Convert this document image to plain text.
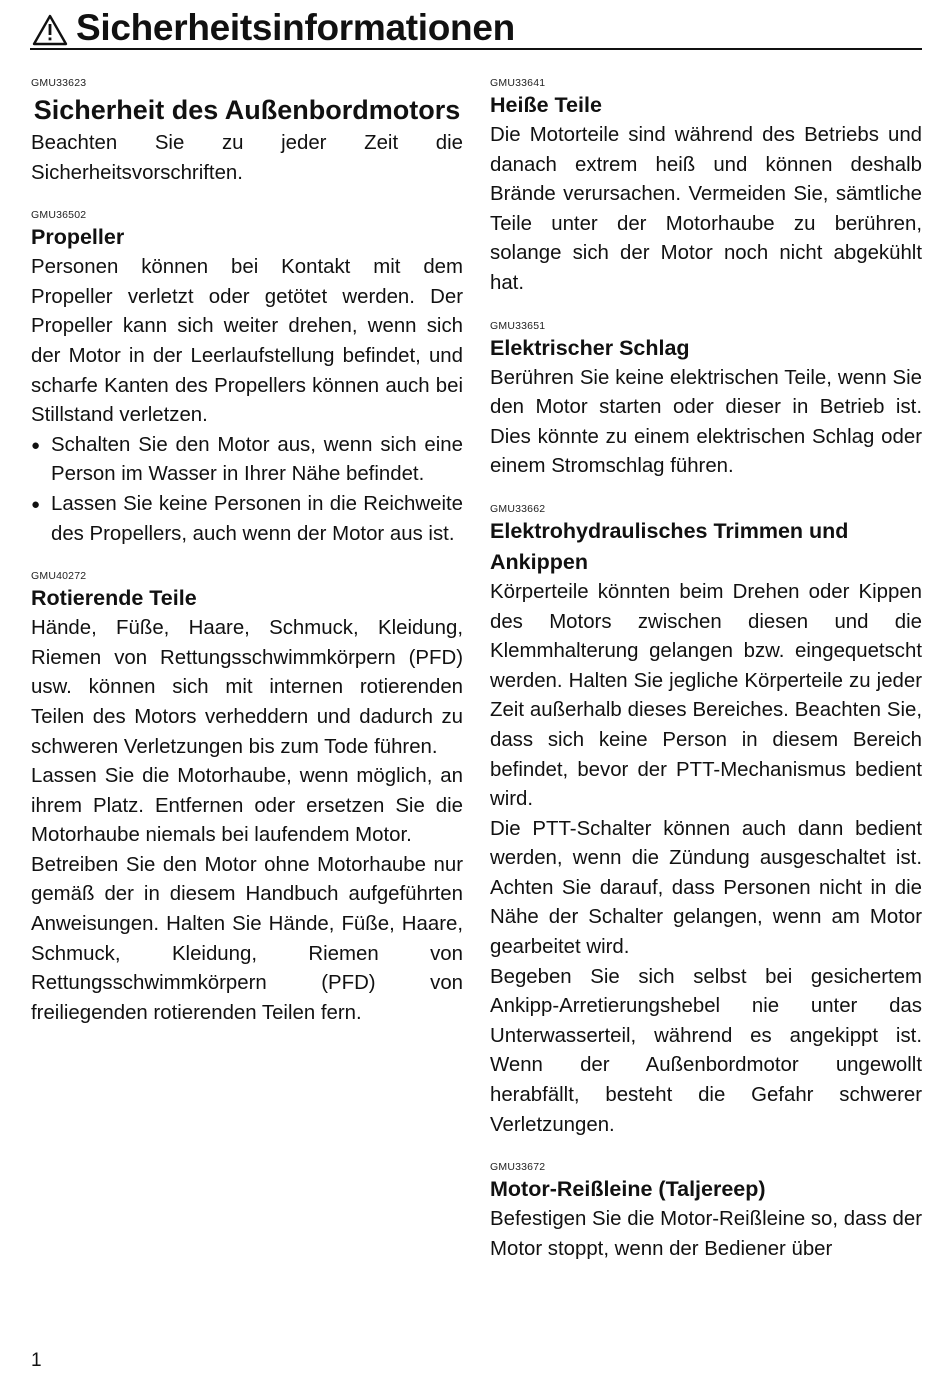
Sicherheitsinformationen
GMU33623
Sicherheit des Außenbordmotors

Beachten Sie zu jeder Zeit die Sicherheitsvorschriften.

GMU36502
Propeller

Personen können bei Kontakt mit dem Propeller verletzt oder getötet werden. Der Propeller kann sich weiter drehen, wenn sich der Motor in der Leerlaufstellung befindet, und scharfe Kanten des Propellers können auch bei Stillstand verletzen.

● Schalten Sie den Motor aus, wenn sich eine Person im Wasser in Ihrer Nähe befindet.
● Lassen Sie keine Personen in die Reichweite des Propellers, auch wenn der Motor aus ist.
GMU40272
Rotierende Teile

Hände, Füße, Haare, Schmuck, Kleidung, Riemen von Rettungsschwimmkörpern (PFD) usw. können sich mit internen rotierenden Teilen des Motors verheddern und dadurch zu schweren Verletzungen bis zum Tode führen.

Lassen Sie die Motorhaube, wenn möglich, an ihrem Platz. Entfernen oder ersetzen Sie die Motorhaube niemals bei laufendem Motor.

Betreiben Sie den Motor ohne Motorhaube nur gemäß der in diesem Handbuch aufgeführten Anweisungen. Halten Sie Hände, Füße, Haare, Schmuck, Kleidung, Riemen von Rettungsschwimmkörpern (PFD) von freiliegenden rotierenden Teilen fern.

GMU33641
Heiße Teile

Die Motorteile sind während des Betriebs und danach extrem heiß und können deshalb Brände verursachen. Vermeiden Sie, sämtliche Teile unter der Motorhaube zu berühren, solange sich der Motor noch nicht abgekühlt hat.

GMU33651
Elektrischer Schlag

Berühren Sie keine elektrischen Teile, wenn Sie den Motor starten oder dieser in Betrieb ist. Dies könnte zu einem elektrischen Schlag oder einem Stromschlag führen.

GMU33662
Elektrohydraulisches Trimmen und Ankippen

Körperteile könnten beim Drehen oder Kippen des Motors zwischen diesen und die Klemmhalterung gelangen bzw. eingequetscht werden. Halten Sie jegliche Körperteile zu jeder Zeit außerhalb dieses Bereiches. Beachten Sie, dass sich keine Person in diesem Bereich befindet, bevor der PTT-Mechanismus bedient wird.

Die PTT-Schalter können auch dann bedient werden, wenn die Zündung ausgeschaltet ist. Achten Sie darauf, dass Personen nicht in die Nähe der Schalter gelangen, wenn am Motor gearbeitet wird.

Begeben Sie sich selbst bei gesichertem Ankipp-Arretierungshebel nie unter das Unterwasserteil, während es angekippt ist. Wenn der Außenbordmotor ungewollt herabfällt, besteht die Gefahr schwerer Verletzungen.

GMU33672
Motor-Reißleine (Taljereep)

Befestigen Sie die Motor-Reißleine so, dass der Motor stoppt, wenn der Bediener über

1
